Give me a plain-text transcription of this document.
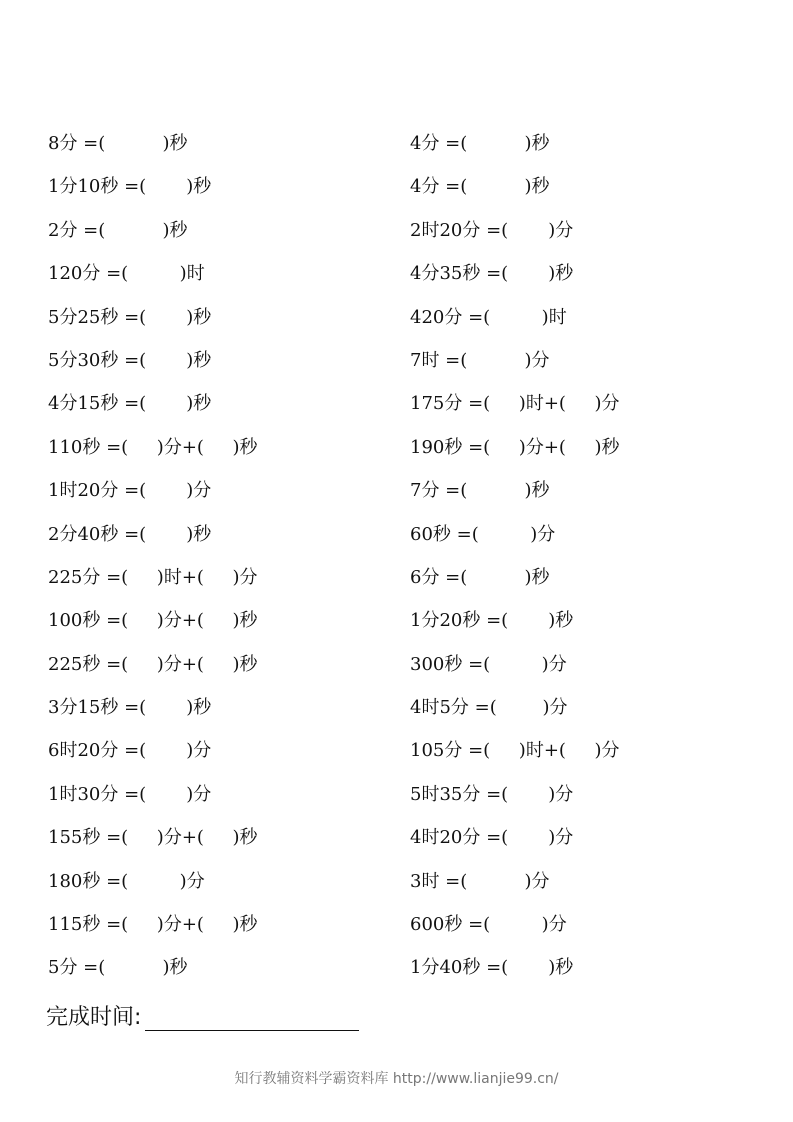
8分 =(          )秒
1分10秒 =(       )秒
2分 =(          )秒
120分 =(         )时
5分25秒 =(       )秒
5分30秒 =(       )秒
4分15秒 =(       )秒
110秒 =(     )分+(     )秒
1时20分 =(       )分
2分40秒 =(       )秒
225分 =(     )时+(     )分
100秒 =(     )分+(     )秒
225秒 =(     )分+(     )秒
3分15秒 =(       )秒
6时20分 =(       )分
1时30分 =(       )分
155秒 =(     )分+(     )秒
180秒 =(         )分
115秒 =(     )分+(     )秒
5分 =(          )秒
4分 =(          )秒
4分 =(          )秒
2时20分 =(       )分
4分35秒 =(       )秒
420分 =(         )时
7时 =(          )分
175分 =(     )时+(     )分
190秒 =(     )分+(     )秒
7分 =(          )秒
60秒 =(         )分
6分 =(          )秒
1分20秒 =(       )秒
300秒 =(         )分
4时5分 =(        )分
105分 =(     )时+(     )分
5时35分 =(       )分
4时20分 =(       )分
3时 =(          )分
600秒 =(         )分
1分40秒 =(       )秒
完成时间:
知行教辅资料学霸资料库 http://www.lianjie99.cn/
